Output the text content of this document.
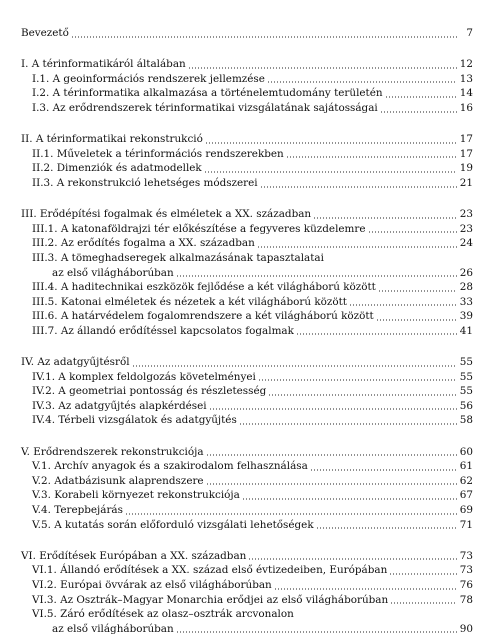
Bevezető	7
I. A térinformatikáról általában	12
I.1. A geoinformációs rendszerek jellemzése	13
I.2. A térinformatika alkalmazása a történelemtudomány területén	14
I.3. Az erődrendszerek térinformatikai vizsgálatának sajátosságai	16
II. A térinformatikai rekonstrukció	17
II.1. Műveletek a térinformációs rendszerekben	17
II.2. Dimenziók és adatmodellek	19
II.3. A rekonstrukció lehetséges módszerei	21
III. Erődépítési fogalmak és elméletek a XX. században	23
III.1. A katonaföldrajzi tér előkészítése a fegyveres küzdelemre	23
III.2. Az erődítés fogalma a XX. században	24
III.3. A tömeghadseregek alkalmazásának tapasztalatai
az első világháborúban	26
III.4. A haditechnikai eszközök fejlődése a két világháború között	28
III.5. Katonai elméletek és nézetek a két világháború között	33
III.6. A határvédelem fogalomrendszere a két világháború között	39
III.7. Az állandó erődítéssel kapcsolatos fogalmak	41
IV. Az adatgyűjtésről	55
IV.1. A komplex feldolgozás követelményei	55
IV.2. A geometriai pontosság és részletesség	55
IV.3. Az adatgyűjtés alapkérdései	56
IV.4. Térbeli vizsgálatok és adatgyűjtés	58
V. Erődrendszerek rekonstrukciója	60
V.1. Archív anyagok és a szakirodalom felhasználása	61
V.2. Adatbázisunk alaprendszere	62
V.3. Korabeli környezet rekonstrukciója	67
V.4. Terepbejárás	69
V.5. A kutatás során előforduló vizsgálati lehetőségek	71
VI. Erődítések Európában a XX. században	73
VI.1. Állandó erődítések a XX. század első évtizedeiben, Európában	73
VI.2. Európai övvárak az első világháborúban	76
VI.3. Az Osztrák–Magyar Monarchia erődjei az első világháborúban	78
VI.5. Záró erődítések az olasz–osztrák arcvonalon
az első világháborúban	90
